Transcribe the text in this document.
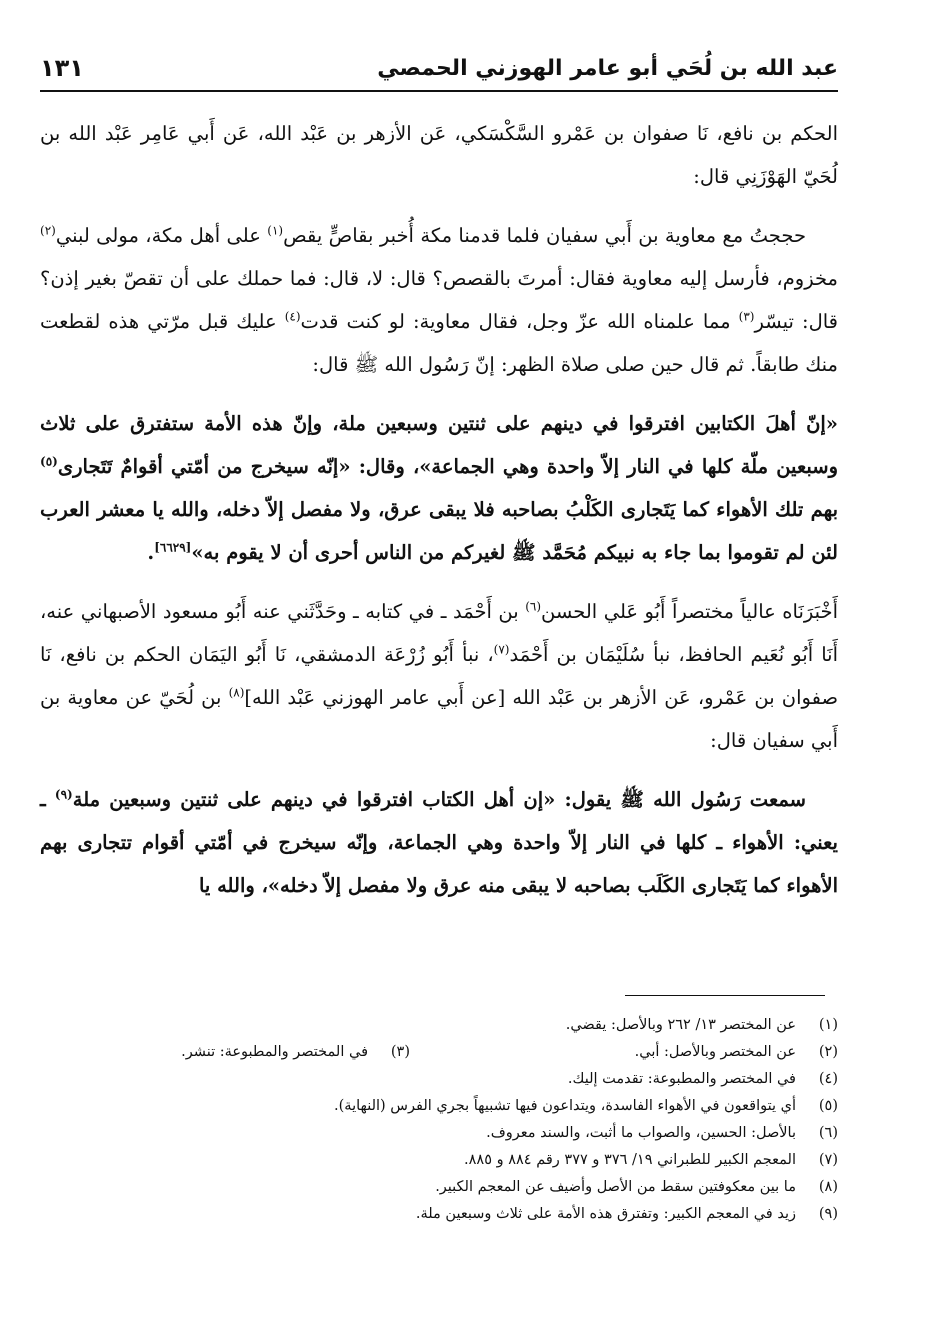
عبد الله بن لُحَي أبو عامر الهوزني الحمصي
١٣١

الحكم بن نافع، نَا صفوان بن عَمْرو السَّكْسَكي، عَن الأزهر بن عَبْد الله، عَن أَبي عَامِر عَبْد الله بن لُحَيّ الهَوْزَنِي قال:

حججتُ مع معاوية بن أَبي سفيان فلما قدمنا مكة أُخبر بقاصٍّ يقص$^{(١)}$ على أهل مكة، مولى لبني$^{(٢)}$ مخزوم، فأرسل إليه معاوية فقال: أمرتَ بالقصص؟ قال: لا، قال: فما حملك على أن تقصّ بغير إذن؟ قال: تيسّر$^{(٣)}$ مما علمناه الله عزّ وجل، فقال معاوية: لو كنت قدت$^{(٤)}$ عليك قبل مرّتي هذه لقطعت منك طابقاً. ثم قال حين صلى صلاة الظهر: إنّ رَسُول الله ﷺ قال:

«إنّ أهلَ الكتابين افترقوا في دينهم على ثنتين وسبعين ملة، وإنّ هذه الأمة ستفترق على ثلاث وسبعين ملّة كلها في النار إلاّ واحدة وهي الجماعة»، وقال: «إنّه سيخرج من أمّتي أقوامٌ تَتَجارى$^{(٥)}$ بهم تلك الأهواء كما يَتَجارى الكَلْبُ بصاحبه فلا يبقى عرق، ولا مفصل إلاّ دخله، والله يا معشر العرب لئن لم تقوموا بما جاء به نبيكم مُحَمَّد ﷺ لغيركم من الناس أحرى أن لا يقوم به»[٦٦٢٩].

أَخْبَرَنَاه عالياً مختصراً أَبُو عَلي الحسن$^{(٦)}$ بن أَحْمَد ـ في كتابه ـ وحَدَّثَني عنه أَبُو مسعود الأصبهاني عنه، أَنَا أَبُو نُعَيم الحافظ، نبأ سُلَيْمَان بن أَحْمَد$^{(٧)}$، نبأ أَبُو زُرْعَة الدمشقي، نَا أَبُو اليَمَان الحكم بن نافع، نَا صفوان بن عَمْرو، عَن الأزهر بن عَبْد الله [عن أَبي عامر الهوزني عَبْد الله]$^{(٨)}$ بن لُحَيّ عن معاوية بن أَبي سفيان قال:

سمعت رَسُول الله ﷺ يقول: «إن أهل الكتاب افترقوا في دينهم على ثنتين وسبعين ملة$^{(٩)}$ ـ يعني: الأهواء ـ كلها في النار إلاّ واحدة وهي الجماعة، وإنّه سيخرج في أمّتي أقوام تتجارى بهم الأهواء كما يَتَجارى الكَلَب بصاحبه لا يبقى منه عرق ولا مفصل إلاّ دخله»، والله يا

(١)عن المختصر ١٣/ ٢٦٢ وبالأصل: يقضي.
(٢)عن المختصر وبالأصل: أبي.
(٣)في المختصر والمطبوعة: تنشر.
(٤)في المختصر والمطبوعة: تقدمت إليك.
(٥)أي يتواقعون في الأهواء الفاسدة، ويتداعون فيها تشبيهاً بجري الفرس (النهاية).
(٦)بالأصل: الحسين، والصواب ما أثبت، والسند معروف.
(٧)المعجم الكبير للطبراني ١٩/ ٣٧٦ و ٣٧٧ رقم ٨٨٤ و ٨٨٥.
(٨)ما بين معكوفتين سقط من الأصل وأضيف عن المعجم الكبير.
(٩)زيد في المعجم الكبير: وتفترق هذه الأمة على ثلاث وسبعين ملة.
